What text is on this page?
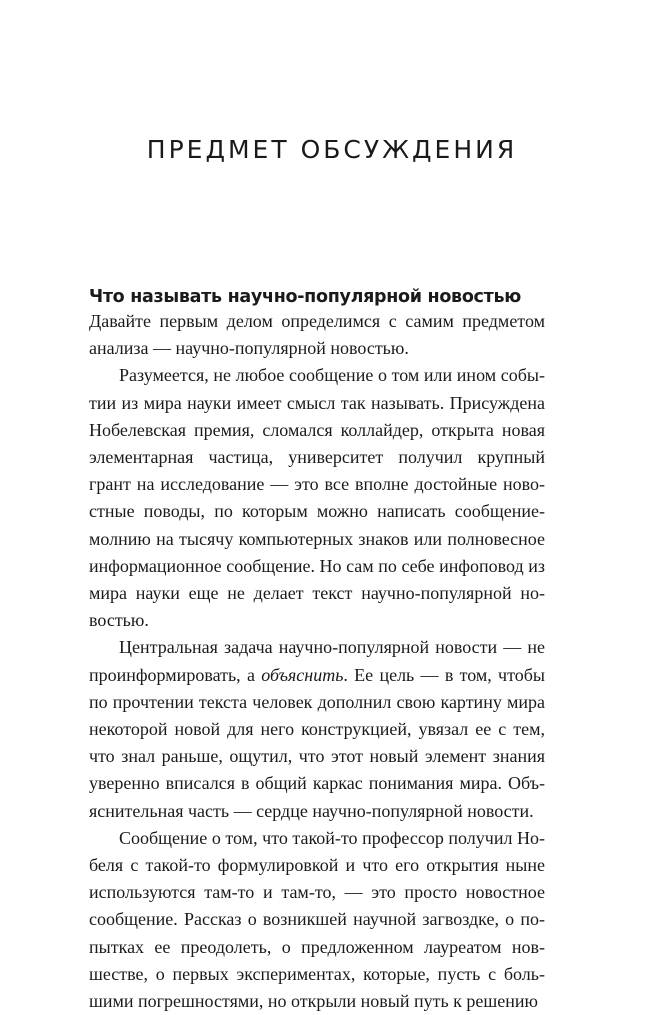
ПРЕДМЕТ ОБСУЖДЕНИЯ
Что называть научно-популярной новостью

Давайте первым делом определимся с самим предметом анализа — научно-популярной новостью.

Разумеется, не любое сообщение о том или ином событии из мира науки имеет смысл так называть. Присуждена Нобелевская премия, сломался коллайдер, открыта новая элементарная частица, университет получил крупный грант на исследование — это все вполне достойные новостные поводы, по которым можно написать сообщение-молнию на тысячу компьютерных знаков или полновесное информационное сообщение. Но сам по себе инфоповод из мира науки еще не делает текст научно-популярной новостью.

Центральная задача научно-популярной новости — не проинформировать, а объяснить. Ее цель — в том, чтобы по прочтении текста человек дополнил свою картину мира некоторой новой для него конструкцией, увязал ее с тем, что знал раньше, ощутил, что этот новый элемент знания уверенно вписался в общий каркас понимания мира. Объяснительная часть — сердце научно-популярной новости.

Сообщение о том, что такой-то профессор получил Нобеля с такой-то формулировкой и что его открытия ныне используются там-то и там-то, — это просто новостное сообщение. Рассказ о возникшей научной загвоздке, о попытках ее преодолеть, о предложенном лауреатом новшестве, о первых экспериментах, которые, пусть с большими погрешностями, но открыли новый путь к решению
